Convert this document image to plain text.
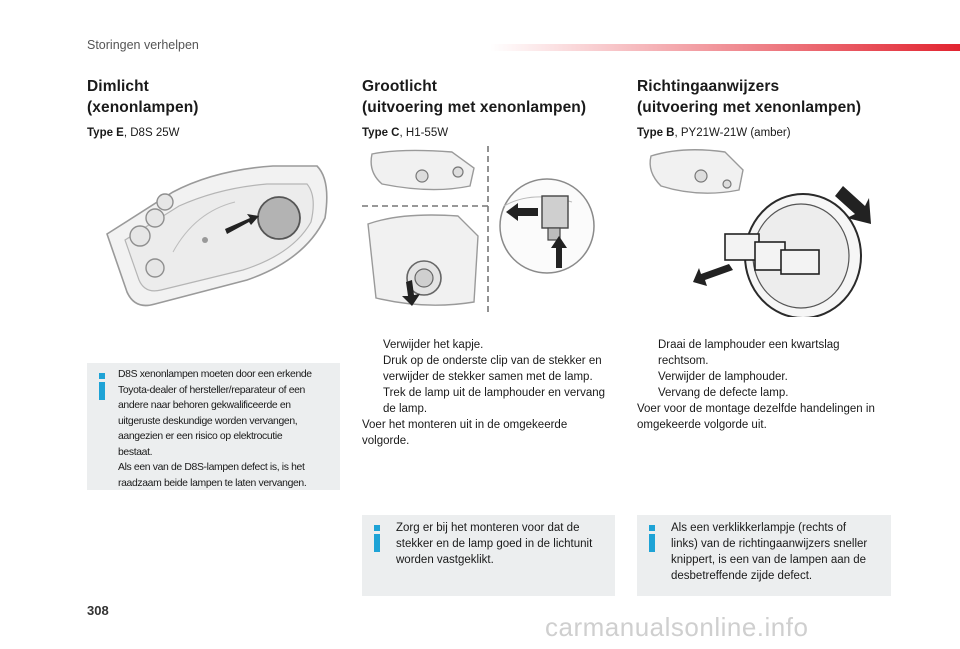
Storingen verhelpen
Dimlicht
(xenonlampen)
Type E, D8S 25W
Grootlicht
(uitvoering met xenonlampen)
Type C, H1-55W
Richtingaanwijzers
(uitvoering met xenonlampen)
Type B, PY21W-21W (amber)
D8S xenonlampen moeten door een erkende
Toyota-dealer of hersteller/reparateur of een
andere naar behoren gekwalificeerde en
uitgeruste deskundige worden vervangen,
aangezien er een risico op elektrocutie
bestaat.
Als een van de D8S-lampen defect is, is het
raadzaam beide lampen te laten vervangen.
Verwijder het kapje.
Druk op de onderste clip van de stekker en
verwijder de stekker samen met de lamp.
Trek de lamp uit de lamphouder en vervang
de lamp.
Voer het monteren uit in de omgekeerde
volgorde.
Draai de lamphouder een kwartslag
rechtsom.
Verwijder de lamphouder.
Vervang de defecte lamp.
Voer voor de montage dezelfde handelingen in
omgekeerde volgorde uit.
Zorg er bij het monteren voor dat de
stekker en de lamp goed in de lichtunit
worden vastgeklikt.
Als een verklikkerlampje (rechts of
links) van de richtingaanwijzers sneller
knippert, is een van de lampen aan de
desbetreffende zijde defect.
308
carmanualsonline.info
